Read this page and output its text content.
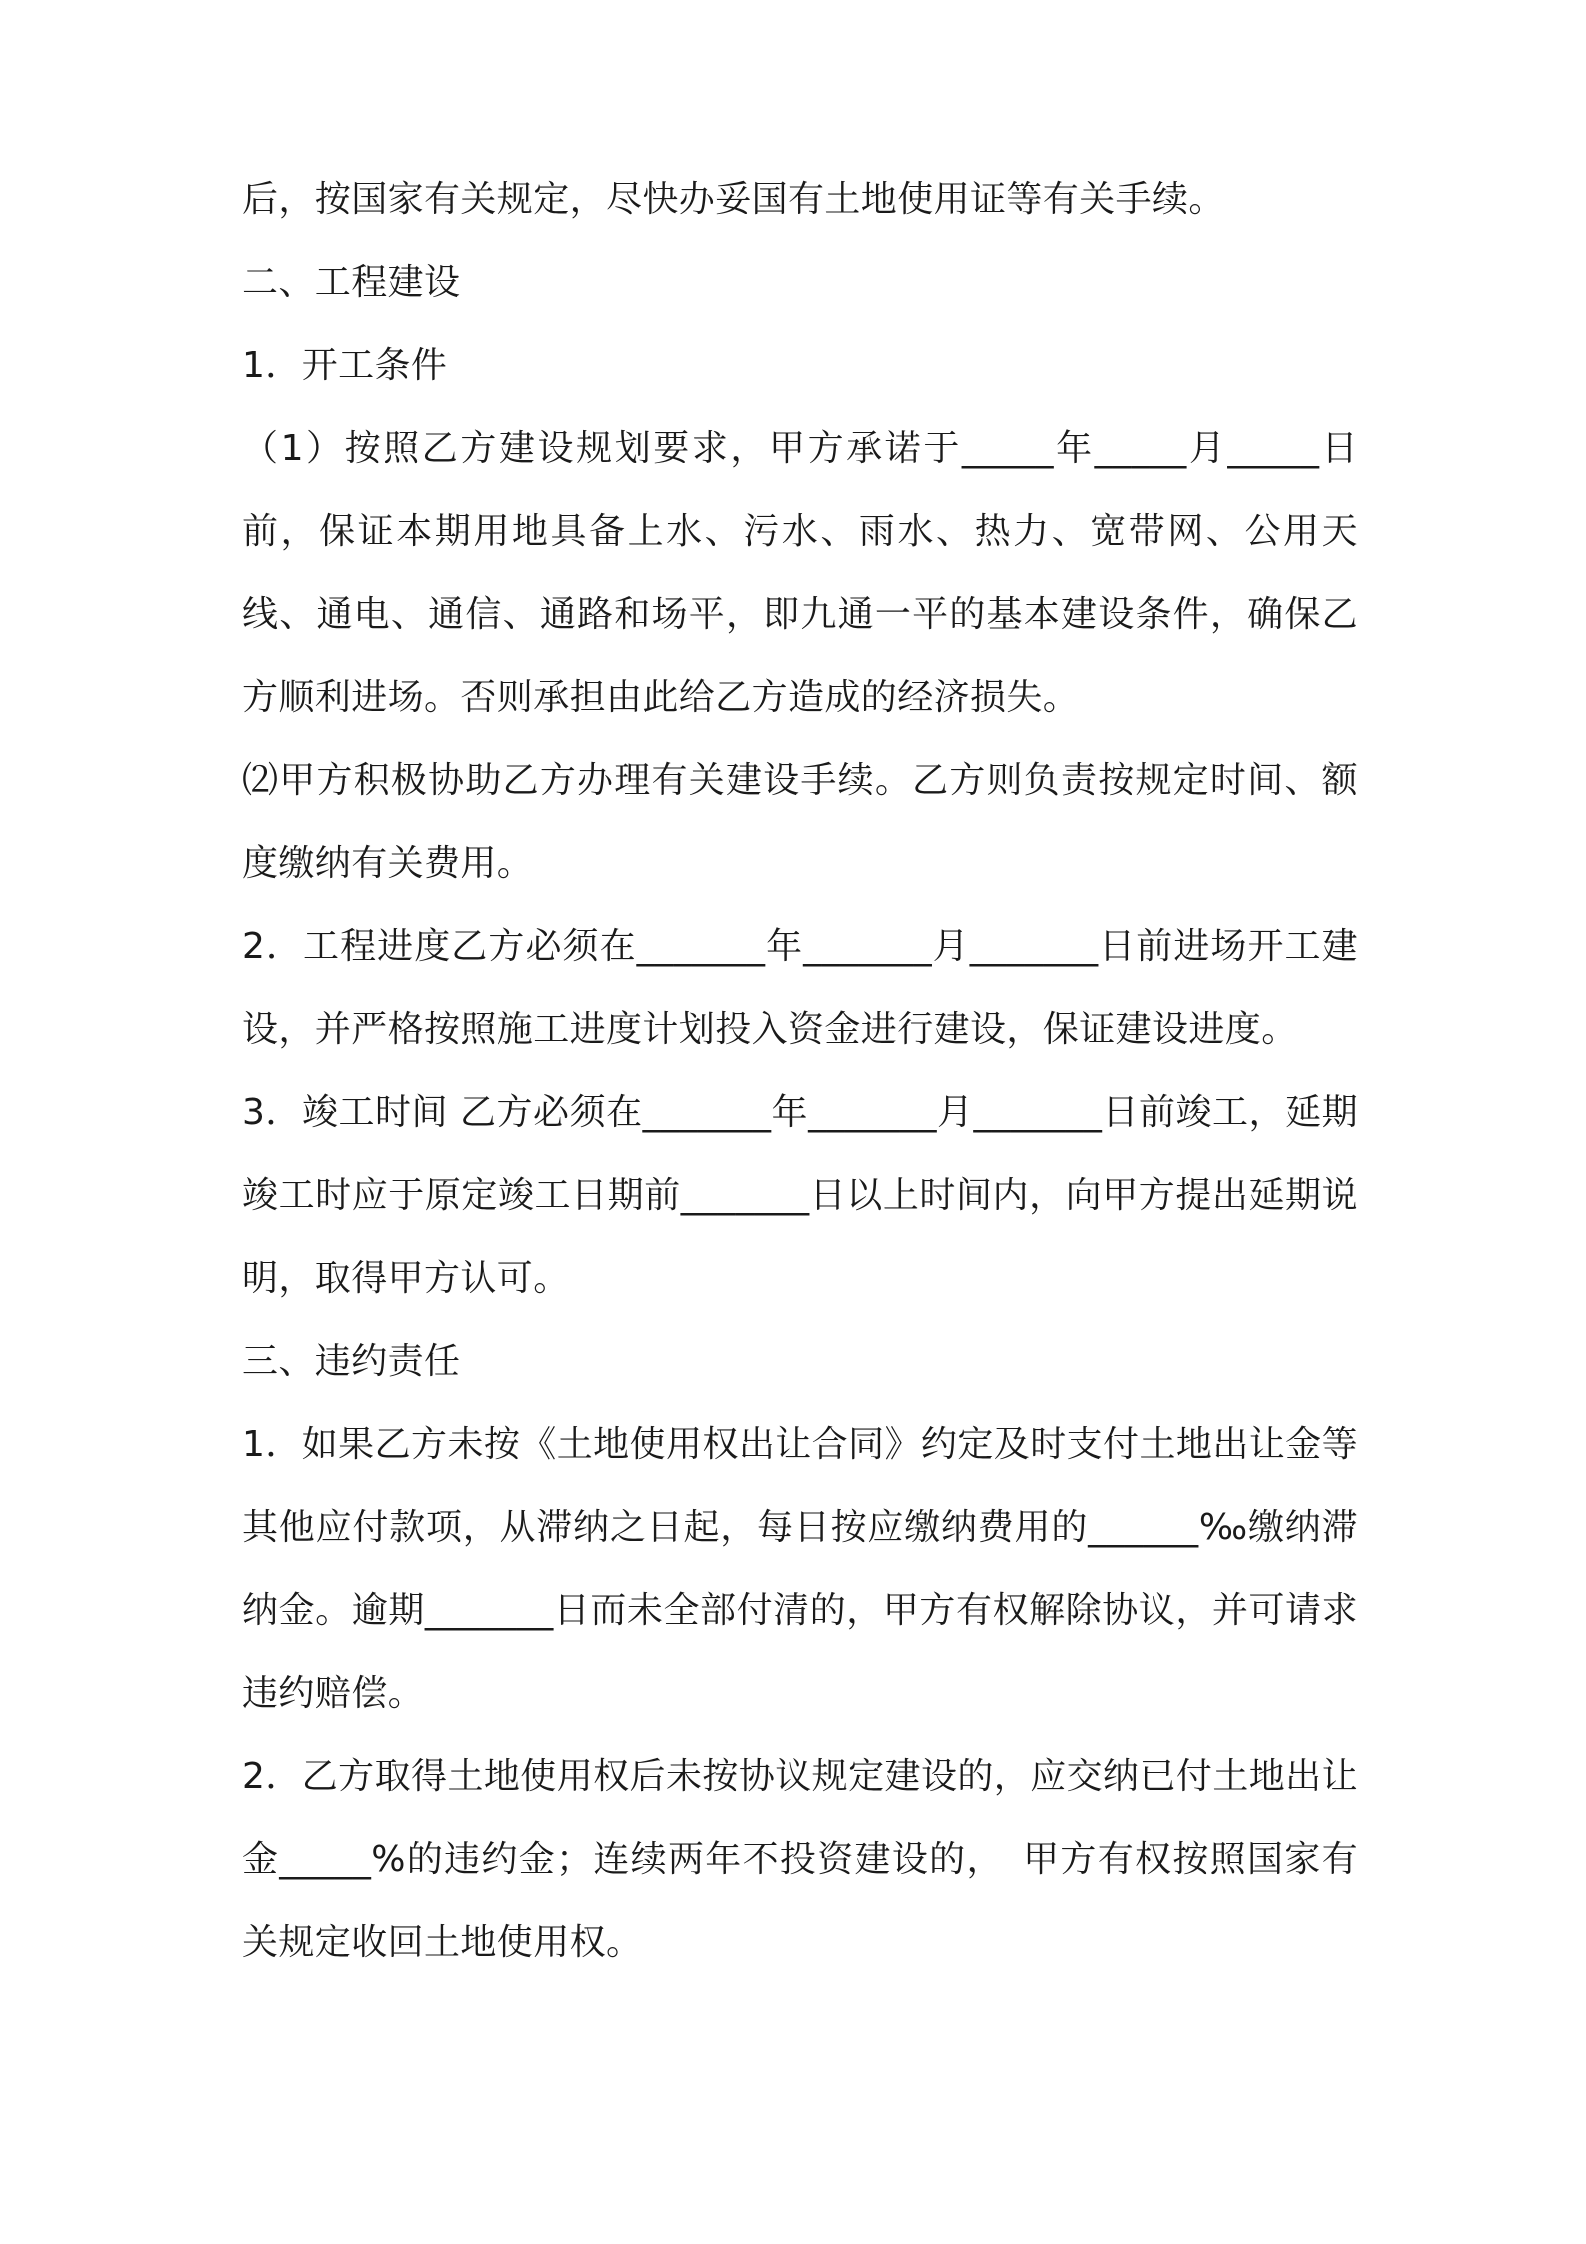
后，按国家有关规定，尽快办妥国有土地使用证等有关手续。

二、工程建设

1．开工条件

（1）按照乙方建设规划要求，甲方承诺于_____年_____月_____日前，保证本期用地具备上水、污水、雨水、热力、宽带网、公用天线、通电、通信、通路和场平，即九通一平的基本建设条件，确保乙方顺利进场。否则承担由此给乙方造成的经济损失。

⑵甲方积极协助乙方办理有关建设手续。乙方则负责按规定时间、额度缴纳有关费用。

2．工程进度乙方必须在_______年_______月_______日前进场开工建设，并严格按照施工进度计划投入资金进行建设，保证建设进度。

3．竣工时间 乙方必须在_______年_______月_______日前竣工，延期竣工时应于原定竣工日期前_______日以上时间内，向甲方提出延期说明，取得甲方认可。

三、违约责任

1．如果乙方未按《土地使用权出让合同》约定及时支付土地出让金等其他应付款项，从滞纳之日起，每日按应缴纳费用的______‰缴纳滞纳金。逾期_______日而未全部付清的，甲方有权解除协议，并可请求违约赔偿。

2．乙方取得土地使用权后未按协议规定建设的，应交纳已付土地出让金_____%的违约金；连续两年不投资建设的，　甲方有权按照国家有关规定收回土地使用权。
